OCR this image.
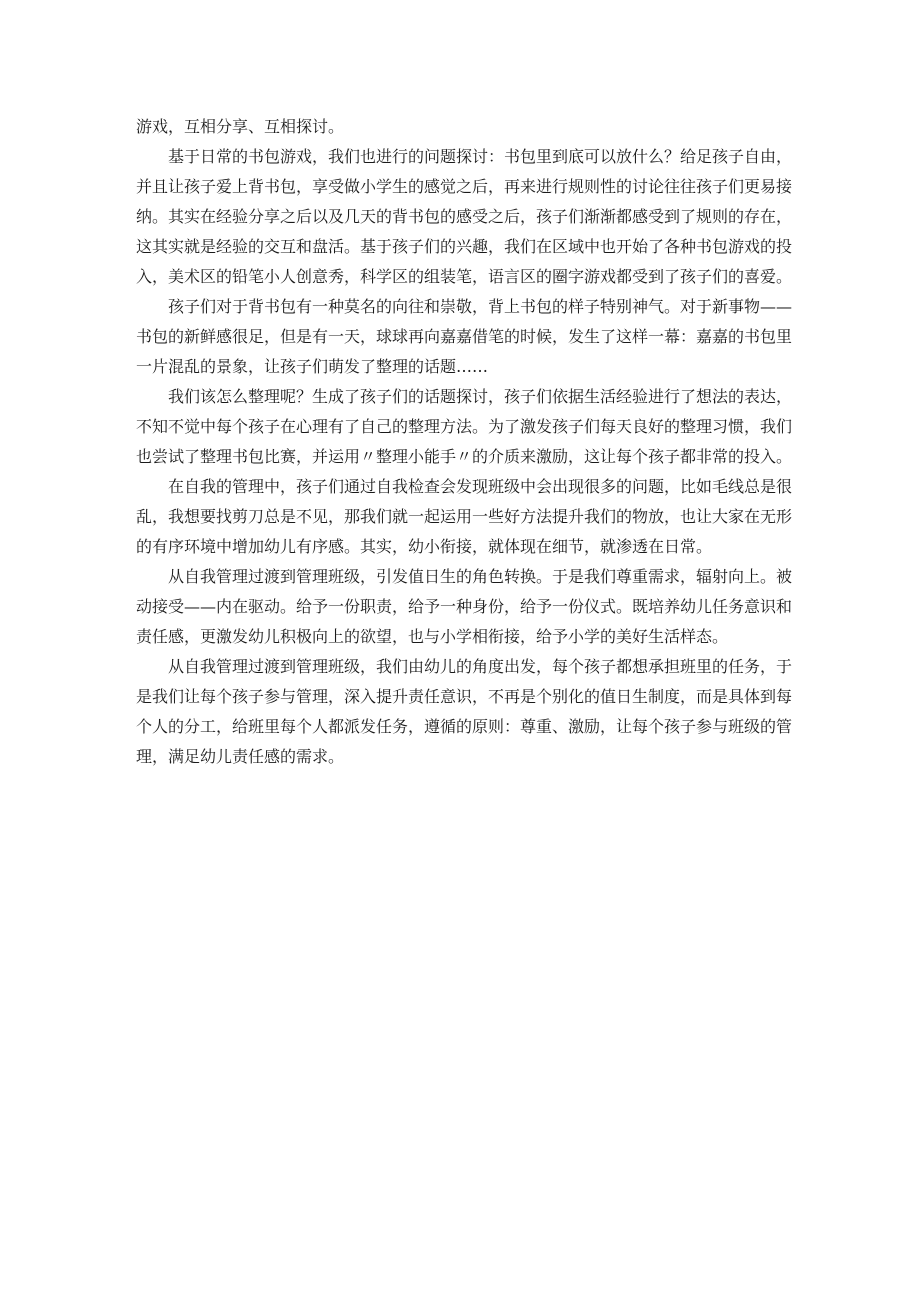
游戏，互相分享、互相探讨。

基于日常的书包游戏，我们也进行的问题探讨：书包里到底可以放什么？给足孩子自由，并且让孩子爱上背书包，享受做小学生的感觉之后，再来进行规则性的讨论往往孩子们更易接纳。其实在经验分享之后以及几天的背书包的感受之后，孩子们渐渐都感受到了规则的存在，这其实就是经验的交互和盘活。基于孩子们的兴趣，我们在区域中也开始了各种书包游戏的投入，美术区的铅笔小人创意秀，科学区的组装笔，语言区的圈字游戏都受到了孩子们的喜爱。

孩子们对于背书包有一种莫名的向往和崇敬，背上书包的样子特别神气。对于新事物——书包的新鲜感很足，但是有一天，球球再向嘉嘉借笔的时候，发生了这样一幕：嘉嘉的书包里一片混乱的景象，让孩子们萌发了整理的话题……

我们该怎么整理呢？生成了孩子们的话题探讨，孩子们依据生活经验进行了想法的表达，不知不觉中每个孩子在心理有了自己的整理方法。为了激发孩子们每天良好的整理习惯，我们也尝试了整理书包比赛，并运用〃整理小能手〃的介质来激励，这让每个孩子都非常的投入。

在自我的管理中，孩子们通过自我检查会发现班级中会出现很多的问题，比如毛线总是很乱，我想要找剪刀总是不见，那我们就一起运用一些好方法提升我们的物放，也让大家在无形的有序环境中增加幼儿有序感。其实，幼小衔接，就体现在细节，就渗透在日常。

从自我管理过渡到管理班级，引发值日生的角色转换。于是我们尊重需求，辐射向上。被动接受——内在驱动。给予一份职责，给予一种身份，给予一份仪式。既培养幼儿任务意识和责任感，更激发幼儿积极向上的欲望，也与小学相衔接，给予小学的美好生活样态。

从自我管理过渡到管理班级，我们由幼儿的角度出发，每个孩子都想承担班里的任务，于是我们让每个孩子参与管理，深入提升责任意识，不再是个别化的值日生制度，而是具体到每个人的分工，给班里每个人都派发任务，遵循的原则：尊重、激励，让每个孩子参与班级的管理，满足幼儿责任感的需求。
